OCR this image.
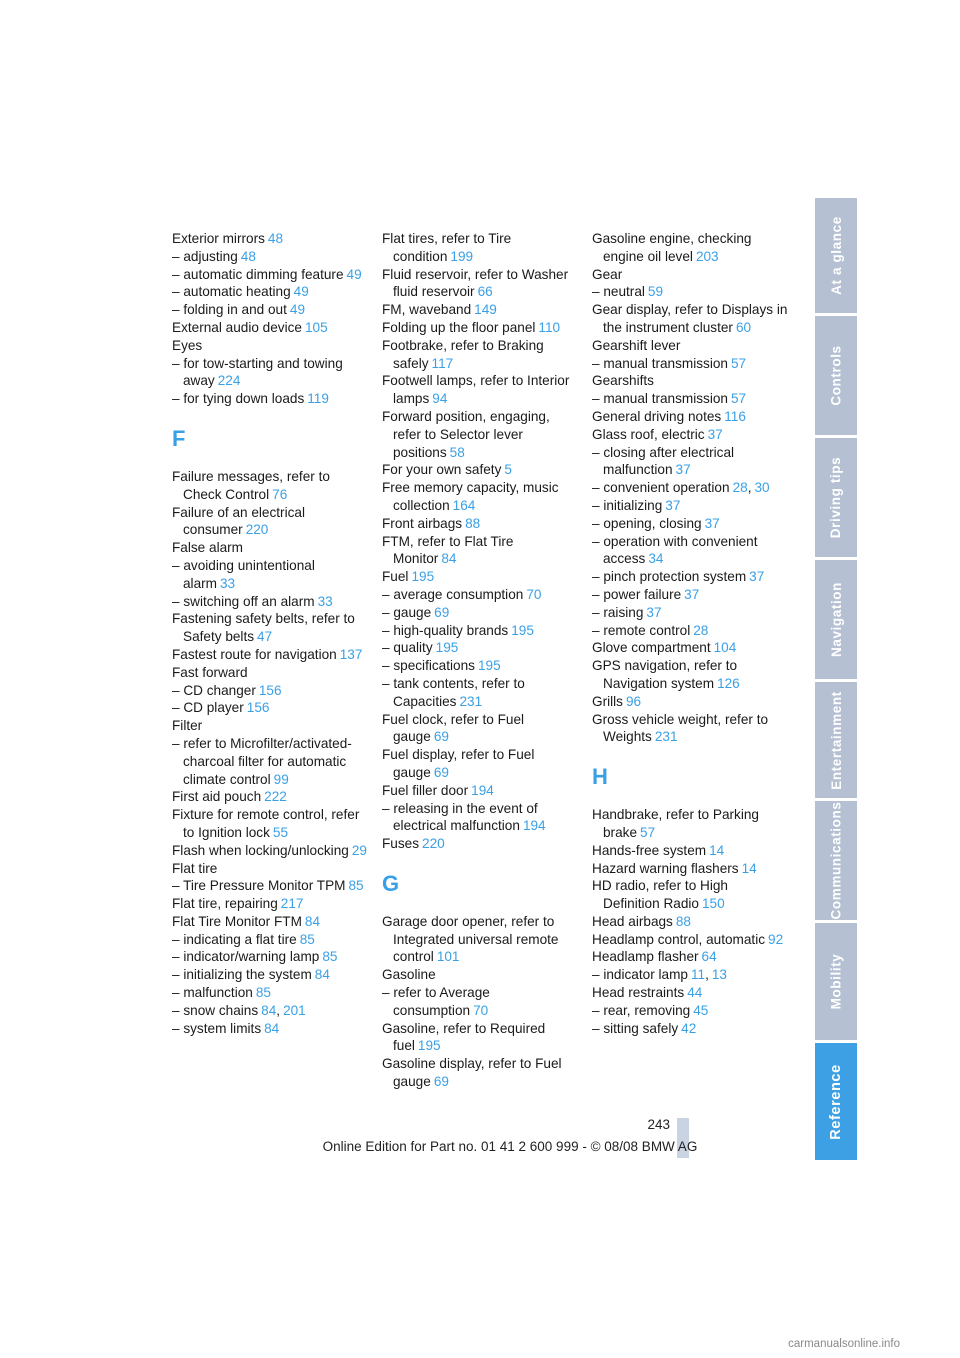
Exterior mirrors 48
– adjusting 48
– automatic dimming feature 49
– automatic heating 49
– folding in and out 49
External audio device 105
Eyes
– for tow-starting and towing away 224
– for tying down loads 119
F
Failure messages, refer to Check Control 76
Failure of an electrical consumer 220
False alarm
– avoiding unintentional alarm 33
– switching off an alarm 33
Fastening safety belts, refer to Safety belts 47
Fastest route for navigation 137
Fast forward
– CD changer 156
– CD player 156
Filter
– refer to Microfilter/activated-charcoal filter for automatic climate control 99
First aid pouch 222
Fixture for remote control, refer to Ignition lock 55
Flash when locking/unlocking 29
Flat tire
– Tire Pressure Monitor TPM 85
Flat tire, repairing 217
Flat Tire Monitor FTM 84
– indicating a flat tire 85
– indicator/warning lamp 85
– initializing the system 84
– malfunction 85
– snow chains 84, 201
– system limits 84
Flat tires, refer to Tire condition 199
Fluid reservoir, refer to Washer fluid reservoir 66
FM, waveband 149
Folding up the floor panel 110
Footbrake, refer to Braking safely 117
Footwell lamps, refer to Interior lamps 94
Forward position, engaging, refer to Selector lever positions 58
For your own safety 5
Free memory capacity, music collection 164
Front airbags 88
FTM, refer to Flat Tire Monitor 84
Fuel 195
– average consumption 70
– gauge 69
– high-quality brands 195
– quality 195
– specifications 195
– tank contents, refer to Capacities 231
Fuel clock, refer to Fuel gauge 69
Fuel display, refer to Fuel gauge 69
Fuel filler door 194
– releasing in the event of electrical malfunction 194
Fuses 220
G
Garage door opener, refer to Integrated universal remote control 101
Gasoline
– refer to Average consumption 70
Gasoline, refer to Required fuel 195
Gasoline display, refer to Fuel gauge 69
Gasoline engine, checking engine oil level 203
Gear
– neutral 59
Gear display, refer to Displays in the instrument cluster 60
Gearshift lever
– manual transmission 57
Gearshifts
– manual transmission 57
General driving notes 116
Glass roof, electric 37
– closing after electrical malfunction 37
– convenient operation 28, 30
– initializing 37
– opening, closing 37
– operation with convenient access 34
– pinch protection system 37
– power failure 37
– raising 37
– remote control 28
Glove compartment 104
GPS navigation, refer to Navigation system 126
Grills 96
Gross vehicle weight, refer to Weights 231
H
Handbrake, refer to Parking brake 57
Hands-free system 14
Hazard warning flashers 14
HD radio, refer to High Definition Radio 150
Head airbags 88
Headlamp control, automatic 92
Headlamp flasher 64
– indicator lamp 11, 13
Head restraints 44
– rear, removing 45
– sitting safely 42
At a glance
Controls
Driving tips
Navigation
Entertainment
Communications
Mobility
Reference
243
Online Edition for Part no. 01 41 2 600 999 - © 08/08 BMW AG
carmanualsonline.info
